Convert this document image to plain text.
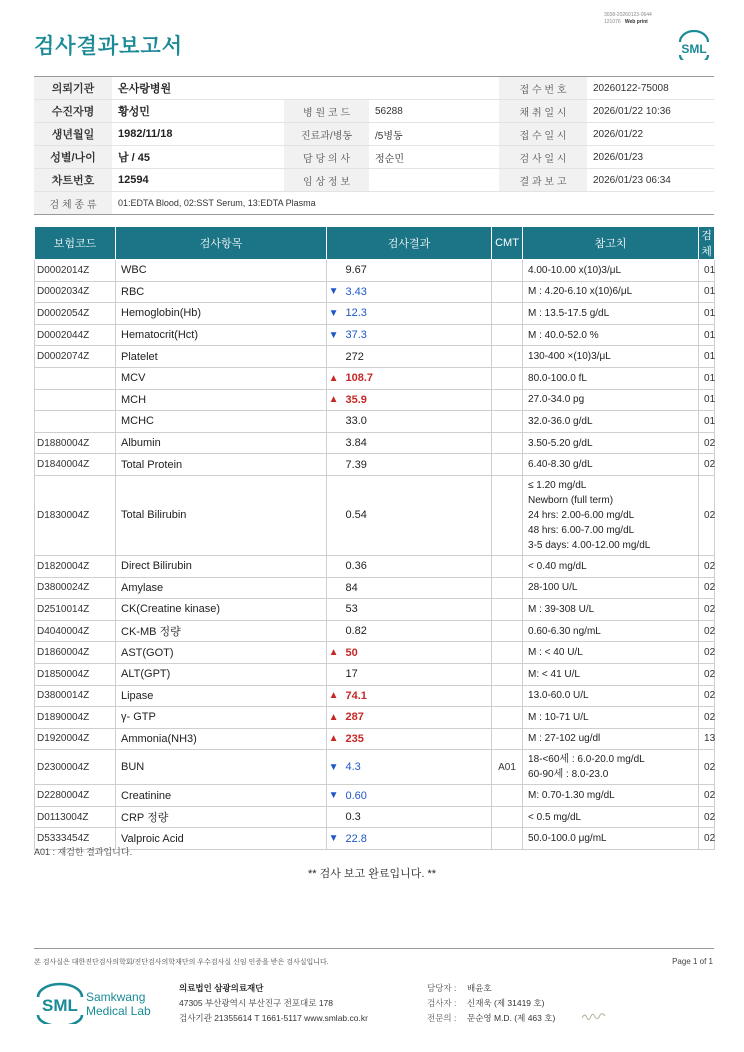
3038-20260123-0644
121076 Web print
검사결과보고서	SML
의뢰기관	온사랑병원			접 수 번 호	20260122-75008
수진자명	황성민	병 원 코 드	56288	채 취 일 시	2026/01/22 10:36
생년월일	1982/11/18	진료과/병동	/5병동	접 수 일 시	2026/01/22
성별/나이	남 / 45	담 당 의 사	정순민	검 사 일 시	2026/01/23
차트번호	12594	임 상 정 보		결 과 보 고	2026/01/23 06:34
검 체 종 류	01:EDTA Blood, 02:SST Serum, 13:EDTA Plasma				
보험코드	검사항목	검사결과		CMT	참고치	검체
D0002014Z	WBC		9.67		4.00-10.00 x(10)3/μL	01
D0002034Z	RBC	▼	3.43		M : 4.20-6.10 x(10)6/μL	01
D0002054Z	Hemoglobin(Hb)	▼	12.3		M : 13.5-17.5 g/dL	01
D0002044Z	Hematocrit(Hct)	▼	37.3		M : 40.0-52.0 %	01
D0002074Z	Platelet		272		130-400 ×(10)3/μL	01
	MCV	▲	108.7		80.0-100.0 fL	01
	MCH	▲	35.9		27.0-34.0 pg	01
	MCHC		33.0		32.0-36.0 g/dL	01
D1880004Z	Albumin		3.84		3.50-5.20 g/dL	02
D1840004Z	Total Protein		7.39		6.40-8.30 g/dL	02
D1830004Z	Total Bilirubin		0.54		≤ 1.20 mg/dL
Newborn (full term)
24 hrs: 2.00-6.00 mg/dL
48 hrs: 6.00-7.00 mg/dL
3-5 days: 4.00-12.00 mg/dL	02
D1820004Z	Direct Bilirubin		0.36		< 0.40 mg/dL	02
D3800024Z	Amylase		84		28-100 U/L	02
D2510014Z	CK(Creatine kinase)		53		M : 39-308 U/L	02
D4040004Z	CK-MB 정량		0.82		0.60-6.30 ng/mL	02
D1860004Z	AST(GOT)	▲	50		M : < 40 U/L	02
D1850004Z	ALT(GPT)		17		M: < 41 U/L	02
D3800014Z	Lipase	▲	74.1		13.0-60.0 U/L	02
D1890004Z	γ- GTP	▲	287		M : 10-71 U/L	02
D1920004Z	Ammonia(NH3)	▲	235		M : 27-102 ug/dl	13
D2300004Z	BUN	▼	4.3	A01	18-<60세 : 6.0-20.0 mg/dL
60-90세 : 8.0-23.0	02
D2280004Z	Creatinine	▼	0.60		M: 0.70-1.30 mg/dL	02
D0113004Z	CRP 정량		0.3		< 0.5 mg/dL	02
D5333454Z	Valproic Acid	▼	22.8		50.0-100.0 μg/mL	02
A01 : 재검한 결과입니다.
** 검사 보고 완료입니다. **
본 검사실은 대한진단검사의학회/진단검사의학재단의 우수검사실 신임 인증을 받은 검사실입니다.	Page 1 of 1
SML Samkwang
Medical Lab
의료법인 삼광의료재단
47305 부산광역시 부산진구 전포대로 178
검사기관 21355614 T 1661-5117 www.smlab.co.kr
담당자 : 배윤호
검사자 : 신재욱 (제 31419 호)
전문의 : 문순영 M.D. (제 463 호)
